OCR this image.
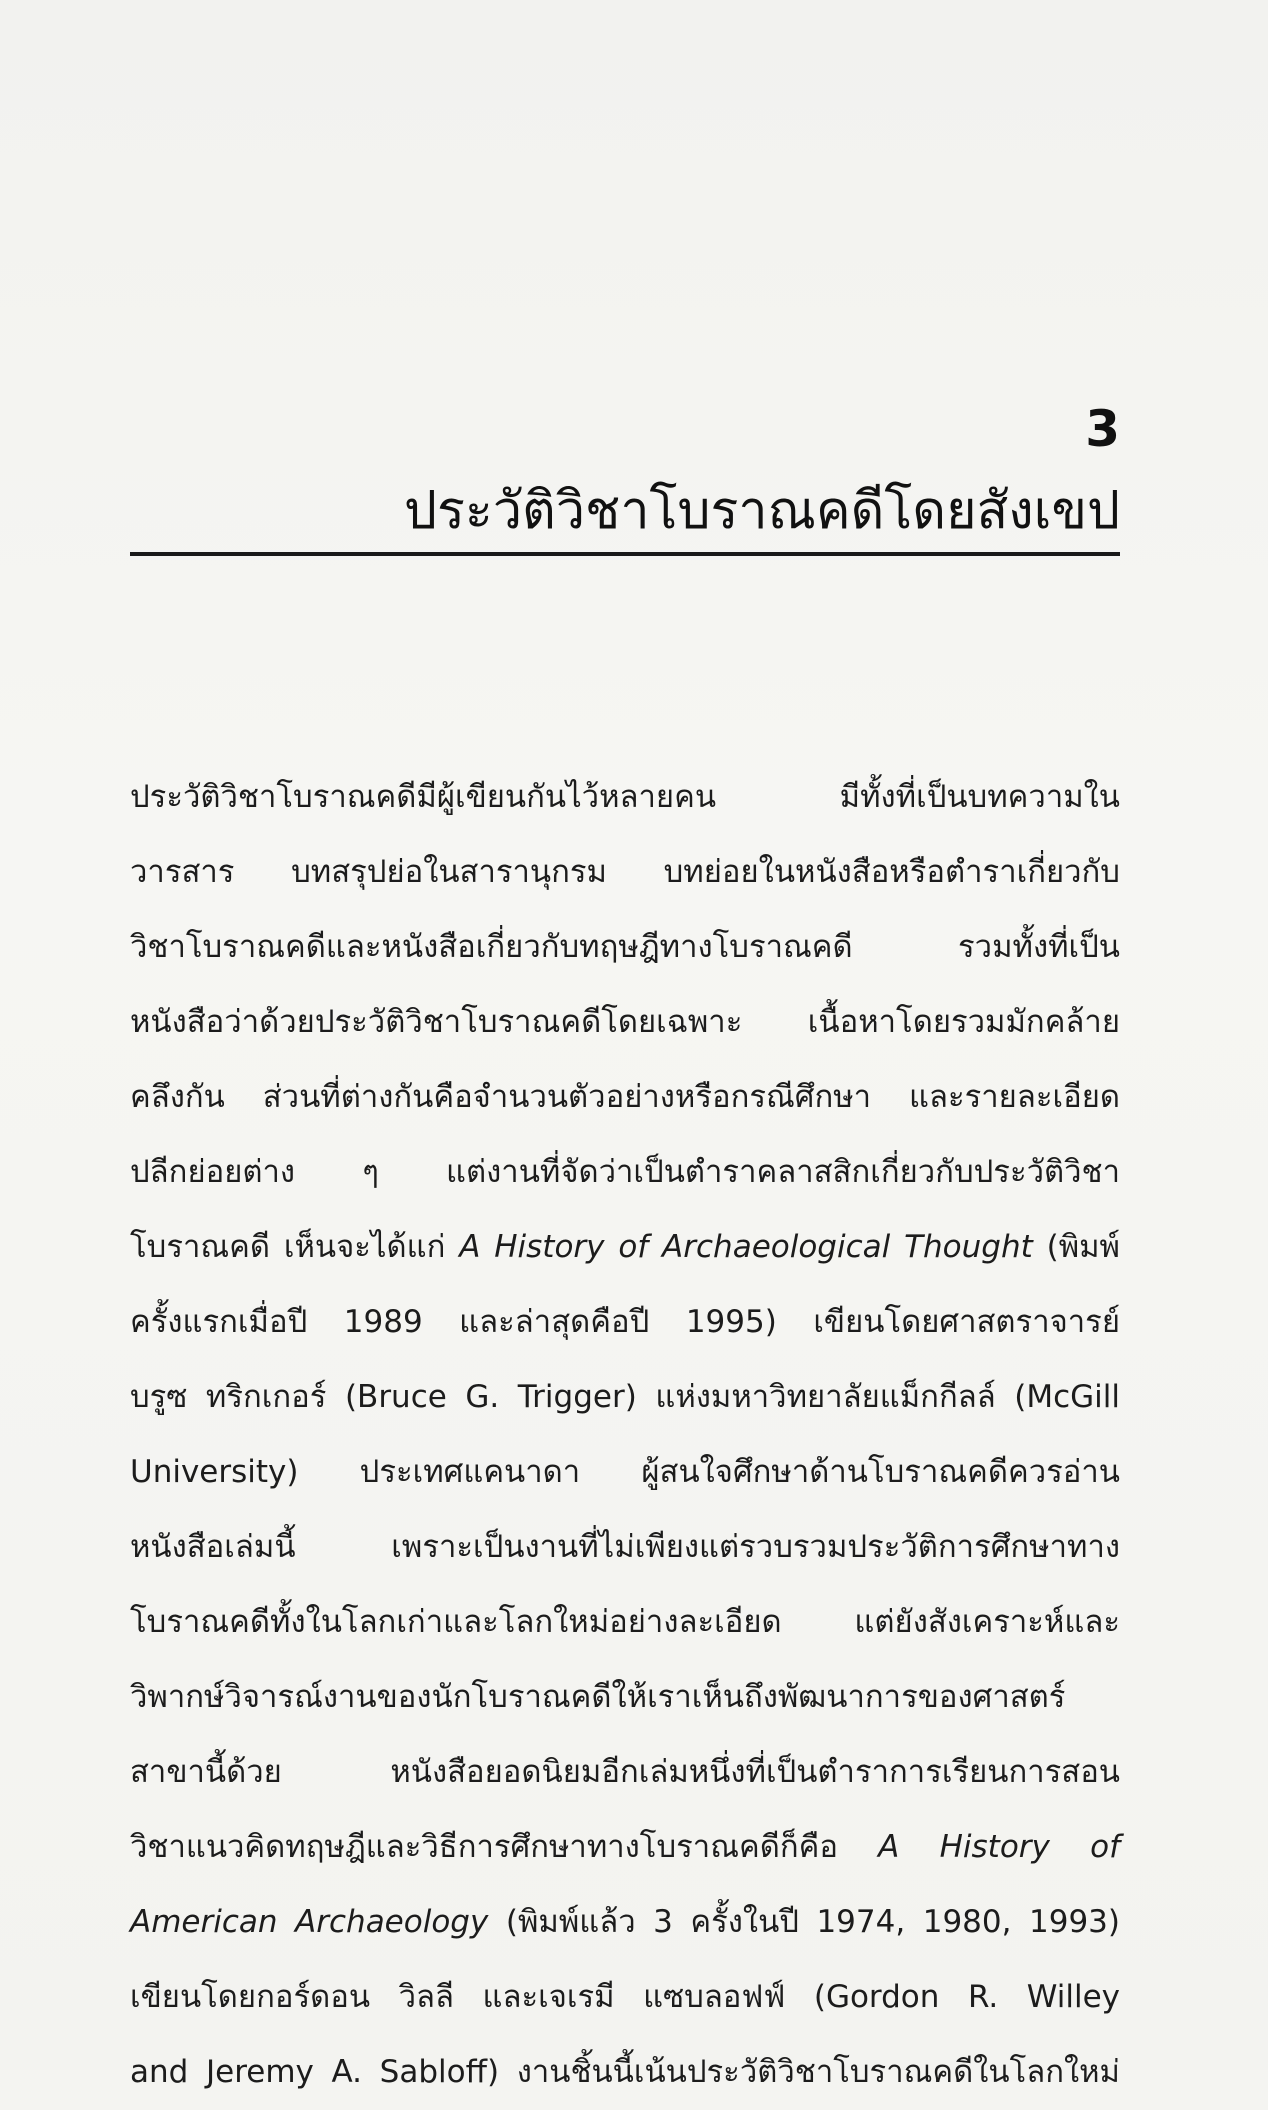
3
ประวัติวิชาโบราณคดีโดยสังเขป
ประวัติวิชาโบราณคดีมีผู้เขียนกันไว้หลายคน มีทั้งที่เป็นบทความใน
วารสาร บทสรุปย่อในสารานุกรม บทย่อยในหนังสือหรือตำราเกี่ยวกับ
วิชาโบราณคดีและหนังสือเกี่ยวกับทฤษฎีทางโบราณคดี รวมทั้งที่เป็น
หนังสือว่าด้วยประวัติวิชาโบราณคดีโดยเฉพาะ เนื้อหาโดยรวมมักคล้าย
คลึงกัน ส่วนที่ต่างกันคือจำนวนตัวอย่างหรือกรณีศึกษา และรายละเอียด
ปลีกย่อยต่าง ๆ แต่งานที่จัดว่าเป็นตำราคลาสสิกเกี่ยวกับประวัติวิชา
โบราณคดี เห็นจะได้แก่ A History of Archaeological Thought (พิมพ์
ครั้งแรกเมื่อปี 1989 และล่าสุดคือปี 1995) เขียนโดยศาสตราจารย์
บรูซ ทริกเกอร์ (Bruce G. Trigger) แห่งมหาวิทยาลัยแม็กกีลล์ (McGill
University) ประเทศแคนาดา ผู้สนใจศึกษาด้านโบราณคดีควรอ่าน
หนังสือเล่มนี้ เพราะเป็นงานที่ไม่เพียงแต่รวบรวมประวัติการศึกษาทาง
โบราณคดีทั้งในโลกเก่าและโลกใหม่อย่างละเอียด แต่ยังสังเคราะห์และ
วิพากษ์วิจารณ์งานของนักโบราณคดีให้เราเห็นถึงพัฒนาการของศาสตร์
สาขานี้ด้วย หนังสือยอดนิยมอีกเล่มหนึ่งที่เป็นตำราการเรียนการสอน
วิชาแนวคิดทฤษฎีและวิธีการศึกษาทางโบราณคดีก็คือ A History of
American Archaeology (พิมพ์แล้ว 3 ครั้งในปี 1974, 1980, 1993)
เขียนโดยกอร์ดอน วิลลี และเจเรมี แซบลอฟฟ์ (Gordon R. Willey
and Jeremy A. Sabloff) งานชิ้นนี้เน้นประวัติวิชาโบราณคดีในโลกใหม่
